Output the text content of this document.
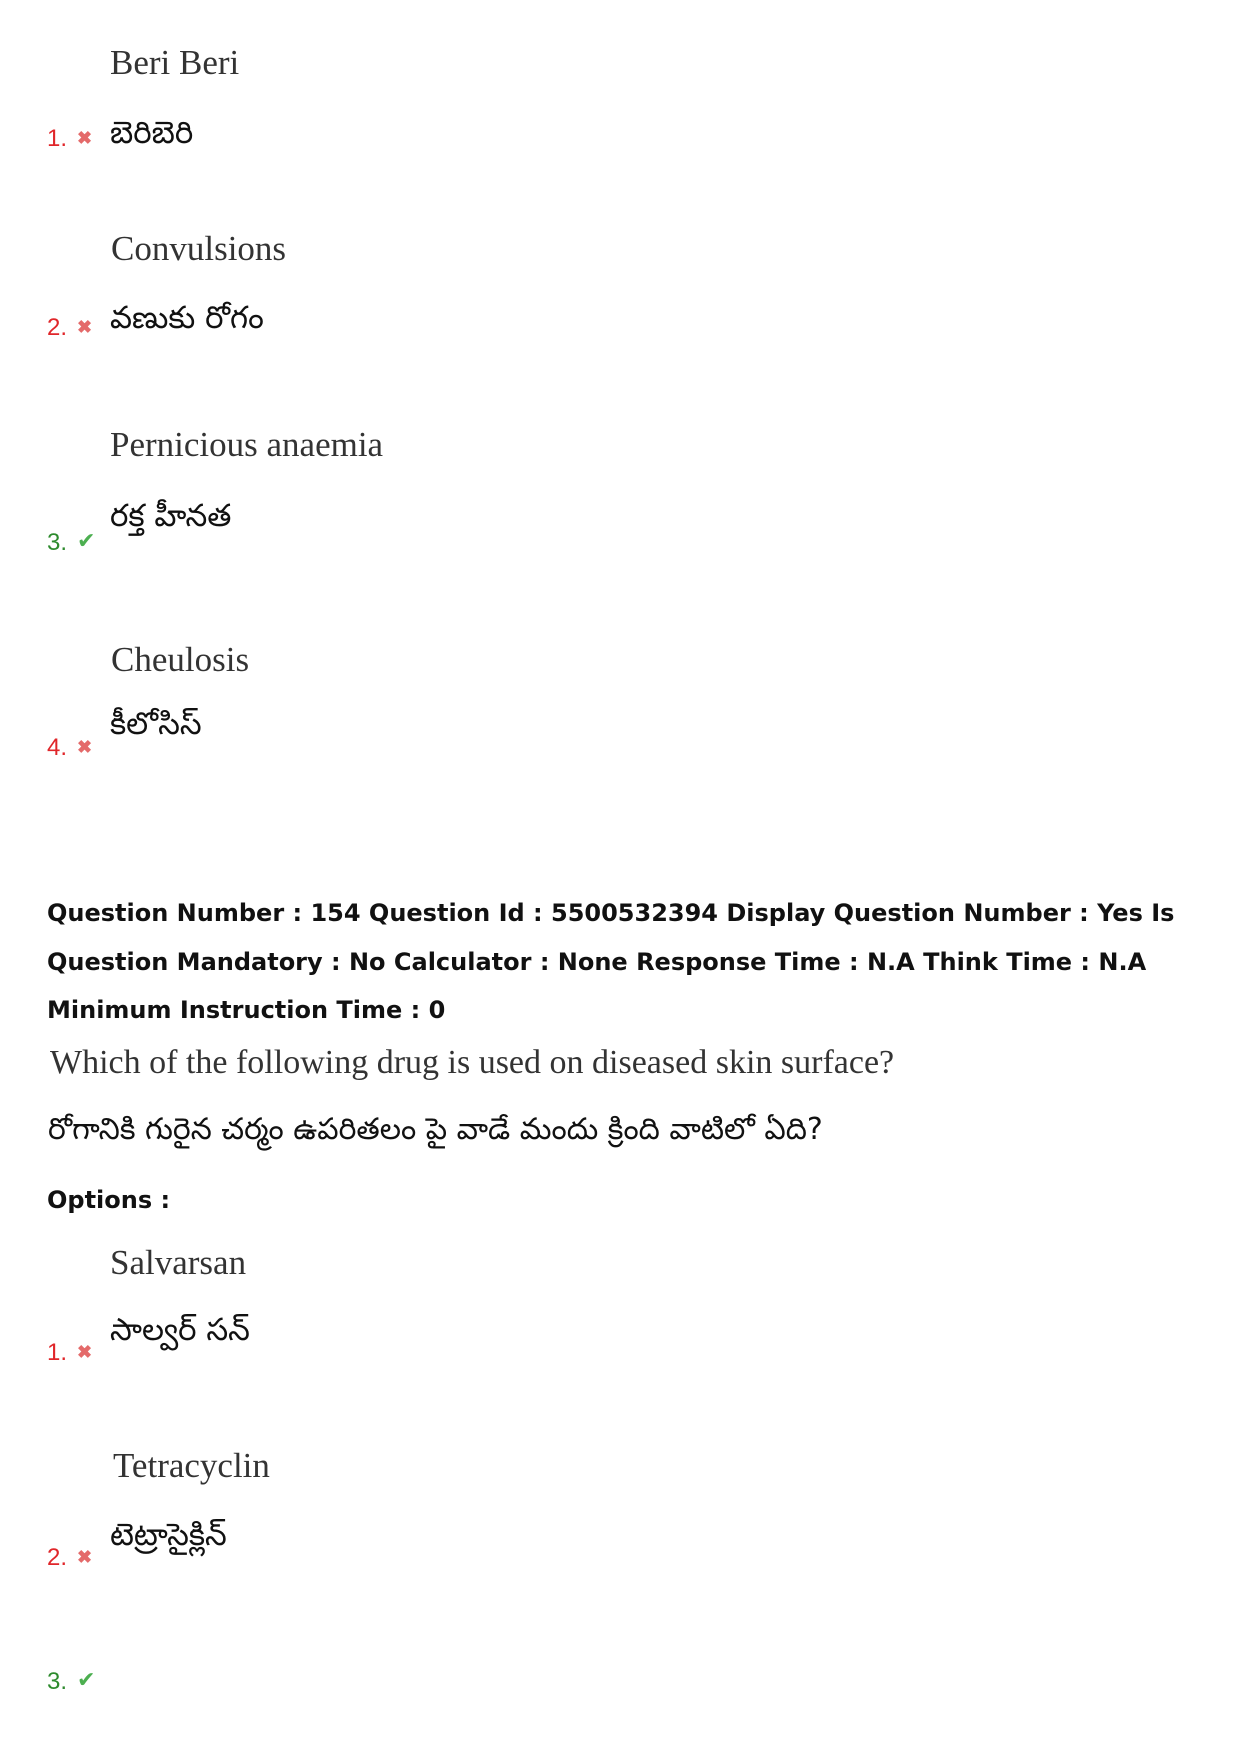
Beri Beri
బెరిబెరి
1. ✖
Convulsions
వణుకు రోగం
2. ✖
Pernicious anaemia
రక్త హీనత
3. ✔
Cheulosis
కీలోసిస్
4. ✖
Question Number : 154 Question Id : 5500532394 Display Question Number : Yes Is Question Mandatory : No Calculator : None Response Time : N.A Think Time : N.A Minimum Instruction Time : 0
Which of the following drug is used on diseased skin surface?
రోగానికి గురైన చర్మం ఉపరితలం పై వాడే మందు క్రింది వాటిలో ఏది?
Options :
Salvarsan
సాల్వర్ సన్
1. ✖
Tetracyclin
టెట్రాసైక్లిన్
2. ✖
3. ✔
